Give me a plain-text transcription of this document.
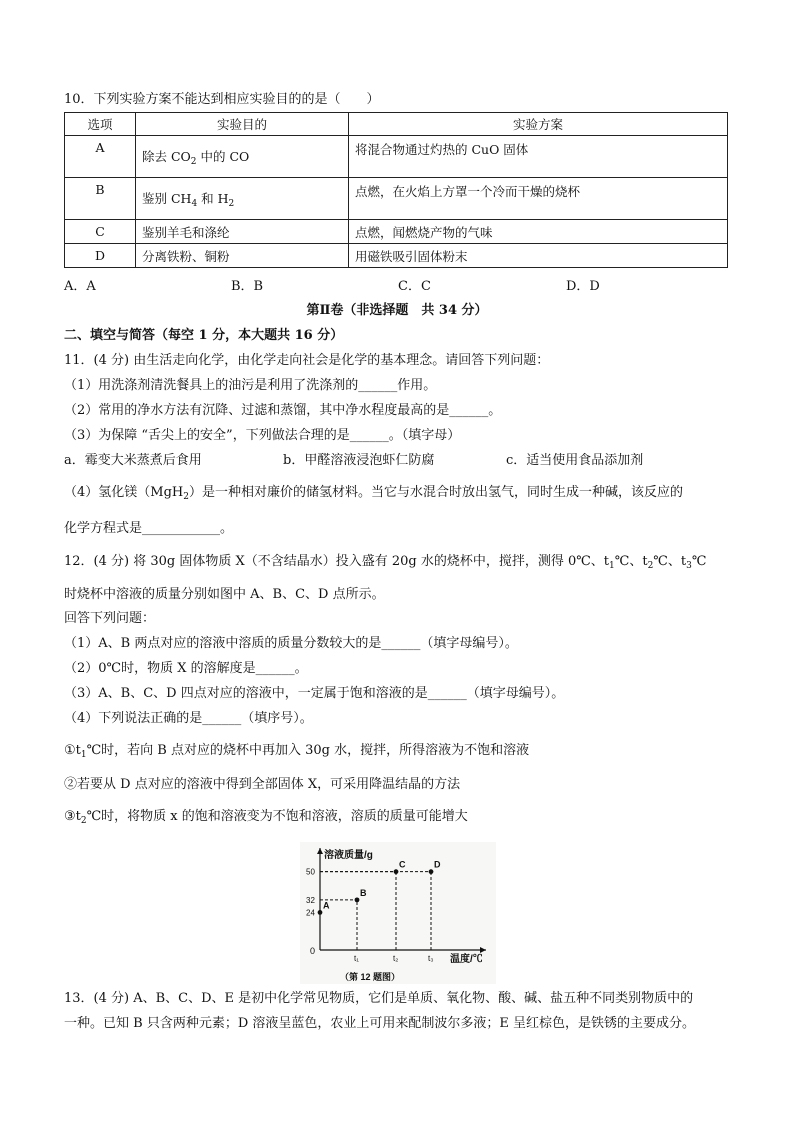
10．下列实验方案不能达到相应实验目的的是（　　）
选项	实验目的	实验方案
A	除去 $CO_2$ 中的 CO	将混合物通过灼热的 CuO 固体
B	鉴别 $CH_4$ 和 $H_2$	点燃，在火焰上方罩一个冷而干燥的烧杯
C	鉴别羊毛和涤纶	点燃，闻燃烧产物的气味
D	分离铁粉、铜粉	用磁铁吸引固体粉末
A．A	B．B	C．C	D．D
第Ⅱ卷（非选择题　共 34 分）
二、填空与简答（每空 1 分，本大题共 16 分）
11．(4 分) 由生活走向化学，由化学走向社会是化学的基本理念。请回答下列问题：
（1）用洗涤剂清洗餐具上的油污是利用了洗涤剂的______作用。
（2）常用的净水方法有沉降、过滤和蒸馏，其中净水程度最高的是______。
（3）为保障 “舌尖上的安全”，下列做法合理的是______。（填字母）
a．霉变大米蒸煮后食用	b．甲醛溶液浸泡虾仁防腐	c．适当使用食品添加剂
（4）氢化镁（MgH$_2$）是一种相对廉价的储氢材料。当它与水混合时放出氢气，同时生成一种碱，该反应的
化学方程式是____________。
12．(4 分) 将 30g 固体物质 X（不含结晶水）投入盛有 20g 水的烧杯中，搅拌，测得 0℃、$t_1℃$、$t_2℃$、$t_3℃$
时烧杯中溶液的质量分别如图中 A、B、C、D 点所示。
回答下列问题：
（1）A、B 两点对应的溶液中溶质的质量分数较大的是______（填字母编号）。
（2）0℃时，物质 X 的溶解度是______。
（3）A、B、C、D 四点对应的溶液中，一定属于饱和溶液的是______（填字母编号）。
（4）下列说法正确的是______（填序号）。
$①t_1℃$时，若向 B 点对应的烧杯中再加入 30g 水，搅拌，所得溶液为不饱和溶液
②若要从 D 点对应的溶液中得到全部固体 X，可采用降温结晶的方法
$③t_2℃$时，将物质 x 的饱和溶液变为不饱和溶液，溶质的质量可能增大
溶液质量/g
温度/℃
0
24
32
50
t₁	t₂	t₃
A
B
C	D
（第 12 题图）
13．(4 分) A、B、C、D、E 是初中化学常见物质，它们是单质、氧化物、酸、碱、盐五种不同类别物质中的
一种。已知 B 只含两种元素；D 溶液呈蓝色，农业上可用来配制波尔多液；E 呈红棕色，是铁锈的主要成分。
